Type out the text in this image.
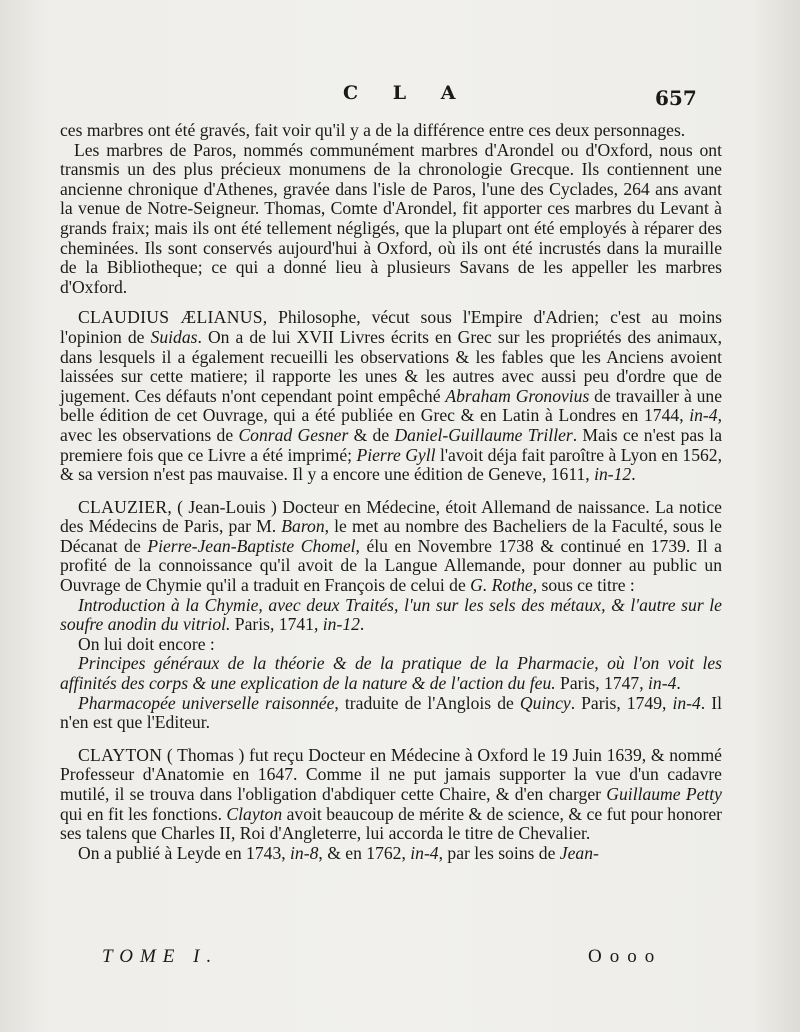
C L A	657

ces marbres ont été gravés, fait voir qu'il y a de la différence entre ces deux personnages.

Les marbres de Paros, nommés communément marbres d'Arondel ou d'Oxford, nous ont transmis un des plus précieux monumens de la chronologie Grecque. Ils contiennent une ancienne chronique d'Athenes, gravée dans l'isle de Paros, l'une des Cyclades, 264 ans avant la venue de Notre-Seigneur. Thomas, Comte d'Arondel, fit apporter ces marbres du Levant à grands fraix; mais ils ont été tellement négligés, que la plupart ont été employés à réparer des cheminées. Ils sont conservés aujourd'hui à Oxford, où ils ont été incrustés dans la muraille de la Bibliotheque; ce qui a donné lieu à plusieurs Savans de les appeller les marbres d'Oxford.

CLAUDIUS ÆLIANUS, Philosophe, vécut sous l'Empire d'Adrien; c'est au moins l'opinion de Suidas. On a de lui XVII Livres écrits en Grec sur les propriétés des animaux, dans lesquels il a également recueilli les observations & les fables que les Anciens avoient laissées sur cette matiere; il rapporte les unes & les autres avec aussi peu d'ordre que de jugement. Ces défauts n'ont cependant point empêché Abraham Gronovius de travailler à une belle édition de cet Ouvrage, qui a été publiée en Grec & en Latin à Londres en 1744, in-4, avec les observations de Conrad Gesner & de Daniel-Guillaume Triller. Mais ce n'est pas la premiere fois que ce Livre a été imprimé; Pierre Gyll l'avoit déja fait paroître à Lyon en 1562, & sa version n'est pas mauvaise. Il y a encore une édition de Geneve, 1611, in-12.

CLAUZIER, ( Jean-Louis ) Docteur en Médecine, étoit Allemand de naissance. La notice des Médecins de Paris, par M. Baron, le met au nombre des Bacheliers de la Faculté, sous le Décanat de Pierre-Jean-Baptiste Chomel, élu en Novembre 1738 & continué en 1739. Il a profité de la connoissance qu'il avoit de la Langue Allemande, pour donner au public un Ouvrage de Chymie qu'il a traduit en François de celui de G. Rothe, sous ce titre :

Introduction à la Chymie, avec deux Traités, l'un sur les sels des métaux, & l'autre sur le soufre anodin du vitriol. Paris, 1741, in-12.

On lui doit encore :

Principes généraux de la théorie & de la pratique de la Pharmacie, où l'on voit les affinités des corps & une explication de la nature & de l'action du feu. Paris, 1747, in-4.

Pharmacopée universelle raisonnée, traduite de l'Anglois de Quincy. Paris, 1749, in-4. Il n'en est que l'Editeur.

CLAYTON ( Thomas ) fut reçu Docteur en Médecine à Oxford le 19 Juin 1639, & nommé Professeur d'Anatomie en 1647. Comme il ne put jamais supporter la vue d'un cadavre mutilé, il se trouva dans l'obligation d'abdiquer cette Chaire, & d'en charger Guillaume Petty qui en fit les fonctions. Clayton avoit beaucoup de mérite & de science, & ce fut pour honorer ses talens que Charles II, Roi d'Angleterre, lui accorda le titre de Chevalier.

On a publié à Leyde en 1743, in-8, & en 1762, in-4, par les soins de Jean-

TOME I.	Oooo
